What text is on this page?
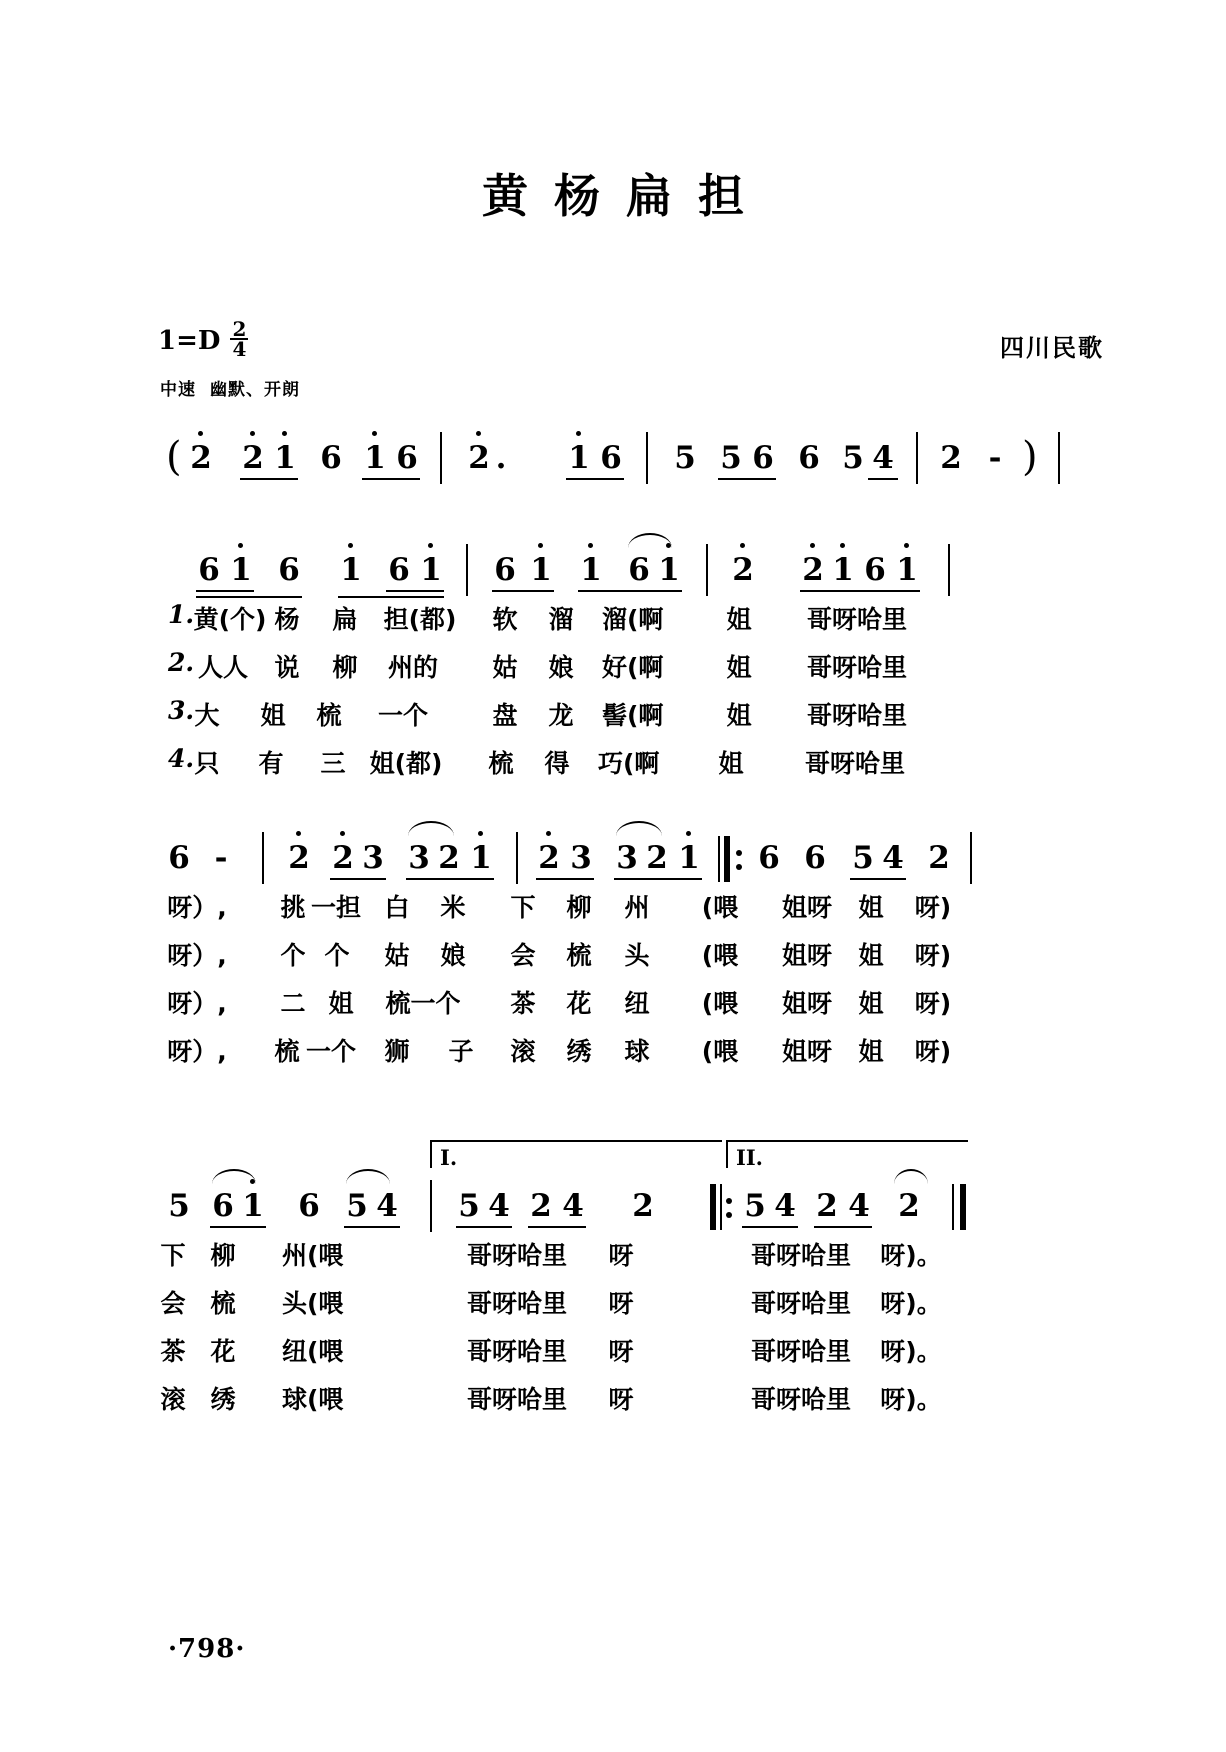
黄杨扁担
$1=D \frac{2}{4}$
中速 幽默、开朗
四川民歌
( 2 2 1 6 1 6 2 . 1 6 5 5 6 6 5 4 2 - )
6 1 6 1 6 1 6 1 1 6 1 2 2 1 6 1
1. 黄(个) 杨 扁 担(都) 软 溜 溜(啊	姐	哥呀哈里
2. 人人 说 柳 州的 姑 娘 好(啊	姐	哥呀哈里
3. 大 姐 梳 一个	盘 龙 髻(啊	姐	哥呀哈里
4. 只 有 三 姐(都) 梳 得 巧(啊 姐	哥呀哈里
6 - 2 2 3 3 2 1 2 3 3 2 1 6 6 5 4 2
呀）, 挑 一担 白 米 下 柳 州	(喂	姐呀 姐 呀)
呀）, 个 个 姑 娘 会 梳 头	(喂	姐呀 姐 呀)
呀）, 二 姐 梳一个 茶 花 纽	(喂	姐呀 姐 呀)
呀）, 梳 一个 狮 子 滚 绣 球	(喂	姐呀 姐 呀)
I.	II.
5 6 1 6 5 4 5 4 2 4 2	5 4 2 4 2
下 柳 州(喂	哥呀哈里	呀	哥呀哈里	呀)。
会 梳 头(喂	哥呀哈里	呀	哥呀哈里	呀)。
茶 花 纽(喂	哥呀哈里	呀	哥呀哈里	呀)。
滚 绣 球(喂	哥呀哈里	呀	哥呀哈里	呀)。
·798·
